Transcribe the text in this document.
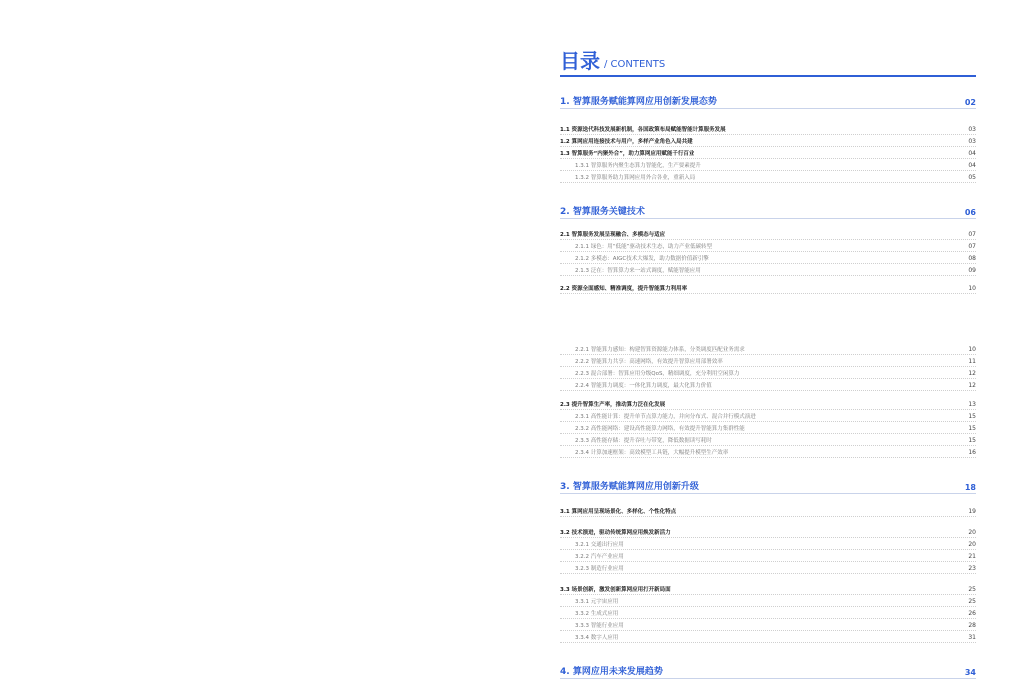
目录 / CONTENTS
1. 智算服务赋能算网应用创新发展态势	02
1.1 资源迭代科技发展新机制，各国政策布局赋能智能计算服务发展	03
1.2 算网应用连接技术与用户，多样产业角色入局共建	03
1.3 智算服务“内聚外合”，助力算网应用赋能千行百业	04
1.3.1 智算服务内聚生态算力智能化，生产要素提升	04
1.3.2 智算服务助力算网应用外合各业，重新入局	05
2. 智算服务关键技术	06
2.1 智算服务发展呈现融合、多模态与适应	07
2.1.1 绿色：用“低能”驱动技术生态，助力产业低碳转型	07
2.1.2 多模态：AIGC技术大爆发，助力数据价值新引擎	08
2.1.3 泛在：智算算力来一站式调度，赋能智能应用	09
2.2 资源全面感知、精准调度，提升智能算力利用率	10
2.2.1 智能算力感知：构建智算资源能力体系，分类调度匹配业务需求	10
2.2.2 智能算力共享：高速网络，有效提升智算应用部署效率	11
2.2.3 混合部署：智算应用分级QoS，精细调度，充分利用空闲算力	12
2.2.4 智能算力调度：一体化算力调度，最大化算力价值	12
2.3 提升智算生产率，推动算力泛在化发展	13
2.3.1 高性能计算：提升单节点算力能力，并向分布式、混合并行模式演进	15
2.3.2 高性能网络：建设高性能算力网络，有效提升智能算力集群性能	15
2.3.3 高性能存储：提升吞吐与带宽，降低数据读写耗时	15
2.3.4 计算加速框架：高效模型工具链，大幅提升模型生产效率	16
3. 智算服务赋能算网应用创新升级	18
3.1 算网应用呈现场景化、多样化、个性化特点	19
3.2 技术演进，驱动传统算网应用焕发新活力	20
3.2.1 交通出行应用	20
3.2.2 汽车产业应用	21
3.2.3 制造行业应用	23
3.3 场景创新，激发创新算网应用打开新局面	25
3.3.1 元宇宙应用	25
3.3.2 生成式应用	26
3.3.3 智能行业应用	28
3.3.4 数字人应用	31
4. 算网应用未来发展趋势	34
